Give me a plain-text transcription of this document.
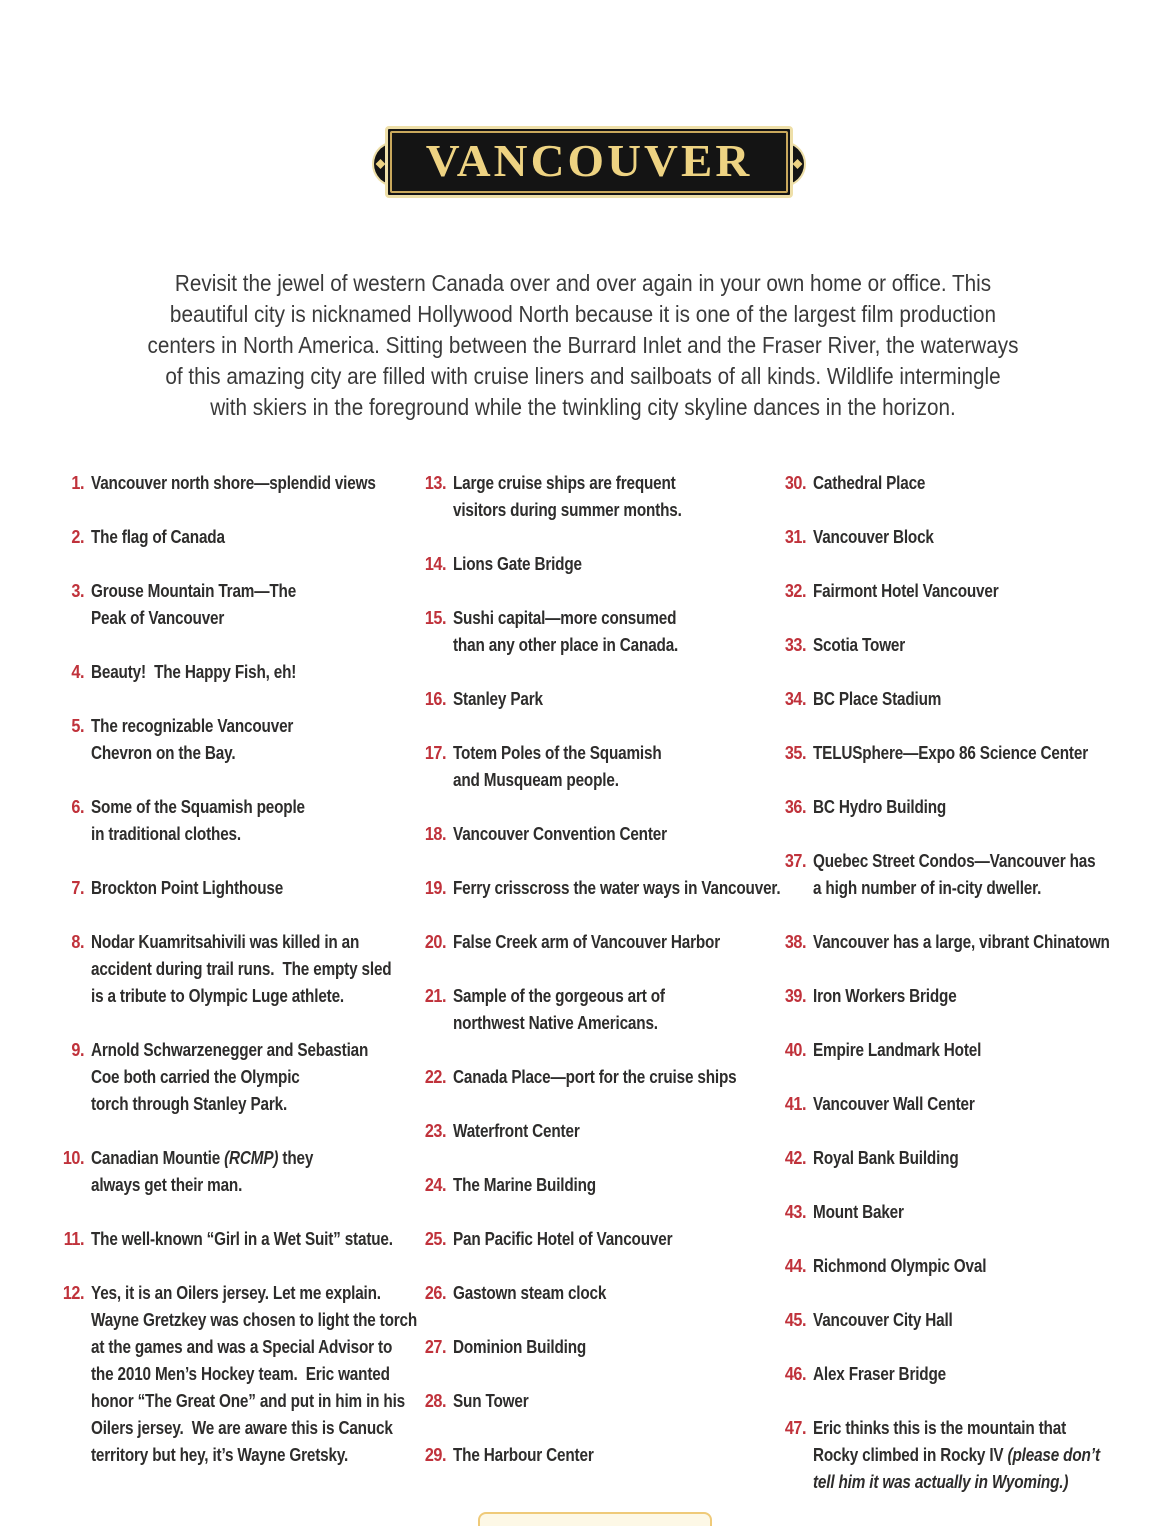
VANCOUVER
Revisit the jewel of western Canada over and over again in your own home or office. This
beautiful city is nicknamed Hollywood North because it is one of the largest film production
centers in North America. Sitting between the Burrard Inlet and the Fraser River, the waterways
of this amazing city are filled with cruise liners and sailboats of all kinds. Wildlife intermingle
with skiers in the foreground while the twinkling city skyline dances in the horizon.
1. Vancouver north shore—splendid views
2. The flag of Canada
3. Grouse Mountain Tram—The
Peak of Vancouver
4. Beauty!  The Happy Fish, eh!
5. The recognizable Vancouver
Chevron on the Bay.
6. Some of the Squamish people
in traditional clothes.
7. Brockton Point Lighthouse
8. Nodar Kuamritsahivili was killed in an
accident during trail runs.  The empty sled
is a tribute to Olympic Luge athlete.
9. Arnold Schwarzenegger and Sebastian
Coe both carried the Olympic
torch through Stanley Park.
10. Canadian Mountie (RCMP) they
always get their man.
11. The well-known “Girl in a Wet Suit” statue.
12. Yes, it is an Oilers jersey. Let me explain.
Wayne Gretzkey was chosen to light the torch
at the games and was a Special Advisor to
the 2010 Men’s Hockey team.  Eric wanted
honor “The Great One” and put in him in his
Oilers jersey.  We are aware this is Canuck
territory but hey, it’s Wayne Gretsky.
13. Large cruise ships are frequent
visitors during summer months.
14. Lions Gate Bridge
15. Sushi capital—more consumed
than any other place in Canada.
16. Stanley Park
17. Totem Poles of the Squamish
and Musqueam people.
18. Vancouver Convention Center
19. Ferry crisscross the water ways in Vancouver.
20. False Creek arm of Vancouver Harbor
21. Sample of the gorgeous art of
northwest Native Americans.
22. Canada Place—port for the cruise ships
23. Waterfront Center
24. The Marine Building
25. Pan Pacific Hotel of Vancouver
26. Gastown steam clock
27. Dominion Building
28. Sun Tower
29. The Harbour Center
30. Cathedral Place
31. Vancouver Block
32. Fairmont Hotel Vancouver
33. Scotia Tower
34. BC Place Stadium
35. TELUSphere—Expo 86 Science Center
36. BC Hydro Building
37. Quebec Street Condos—Vancouver has
a high number of in-city dweller.
38. Vancouver has a large, vibrant Chinatown
39. Iron Workers Bridge
40. Empire Landmark Hotel
41. Vancouver Wall Center
42. Royal Bank Building
43. Mount Baker
44. Richmond Olympic Oval
45. Vancouver City Hall
46. Alex Fraser Bridge
47. Eric thinks this is the mountain that
Rocky climbed in Rocky IV (please don’t
tell him it was actually in Wyoming.)
